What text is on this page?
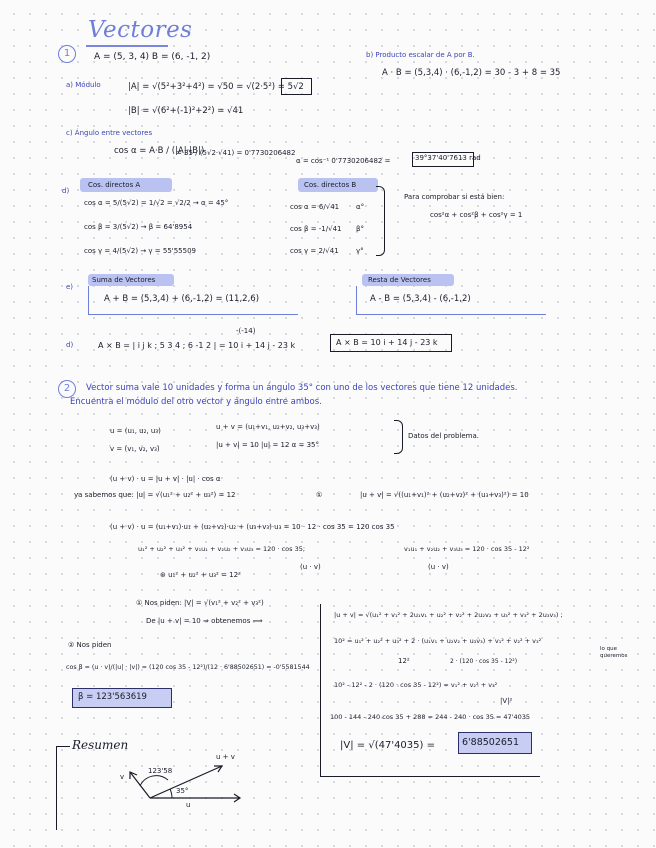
Vectores
1	A = (5, 3, 4) B = (6, -1, 2)
a) Módulo	|A| = √(5²+3²+4²) = √50 = √(2·5²) = 5√2
|B| = √(6²+(-1)²+2²) = √41
b) Producto escalar de A por B.
A · B = (5,3,4) · (6,-1,2) = 30 - 3 + 8 = 35
c) Ángulo entre vectores
cos α = A·B / (|A|·|B|)
= 35 / (5√2·√41) = 0'7730206482
α = cos⁻¹ 0'7730206482 =	39°37'40'7613 rad
d)
Cos. directos A
cos α = 5/(5√2) = 1/√2 = √2/2 → α = 45°
cos β = 3/(5√2) → β = 64'8954
cos γ = 4/(5√2) → γ = 55'55509
Cos. directos B
cos α = 6/√41
cos β = -1/√41
cos γ = 2/√41
α°
β°
γ°
Para comprobar si está bien:
cos²α + cos²β + cos²γ = 1
e)
Suma de Vectores
A + B = (5,3,4) + (6,-1,2) = (11,2,6)
Resta de Vectores
A - B = (5,3,4) - (6,-1,2)
d)
-(-14)
A × B = | i j k ; 5 3 4 ; 6 -1 2 | = 10 i + 14 j - 23 k	A × B = 10 i + 14 j - 23 k
2	Vector suma vale 10 unidades y forma un ángulo 35° con uno de los vectores que tiene 12 unidades.
Encuentra el módulo del otro vector y ángulo entre ambos.
u = (u₁, u₂, u₃)
v = (v₁, v₂, v₃)
u + v = (u₁+v₁, u₂+v₂, u₃+v₃)
|u + v| = 10 |u| = 12 α = 35°
Datos del problema.
(u + v) · u = |u + v| · |u| · cos α
ya sabemos que: |u| = √(u₁² + u₂² + u₃²) = 12	①	|u + v| = √((u₁+v₁)² + (u₂+v₂)² + (u₃+v₃)²) = 10
(u + v) · u = (u₁+v₁)·u₁ + (u₂+v₂)·u₂ + (u₃+v₃)·u₃ = 10 · 12 · cos 35 = 120 cos 35
u₁² + u₂² + u₃² + v₁u₁ + v₂u₂ + v₃u₃ = 120 · cos 35;	v₁u₁ + v₂u₂ + v₃u₃ = 120 · cos 35 - 12²
(u · v)	(u · v)
⊛ u₁² + u₂² + u₃² = 12²
① Nos piden: |V| = √(v₁² + v₂² + v₃²)
De |u + v| = 10 ⇒ obtenemos ⟹
|u + v| = √(u₁² + v₁² + 2u₁v₁ + u₂² + v₂² + 2u₂v₂ + u₃² + v₃² + 2u₃v₃) ;
10² = u₁² + u₂² + u₃² + 2 · (u₁v₁ + u₂v₂ + u₃v₃) + v₁² + v₂² + v₃²
12²	2 · (120 · cos 35 - 12²)
lo que queremos
10² - 12² - 2 · (120 · cos 35 - 12²) = v₁² + v₂² + v₃²
|V|²
100 - 144 - 240 cos 35 + 288 = 244 - 240 · cos 35 = 47'4035
|V| = √(47'4035) =	6'88502651
② Nos piden
cos β = (u · v)/(|u| · |v|) = (120 cos 35 - 12²)/(12 · 6'88502651) = -0'5581544
β = 123'563619
Resumen
u + v
v
u
123'58
35°
